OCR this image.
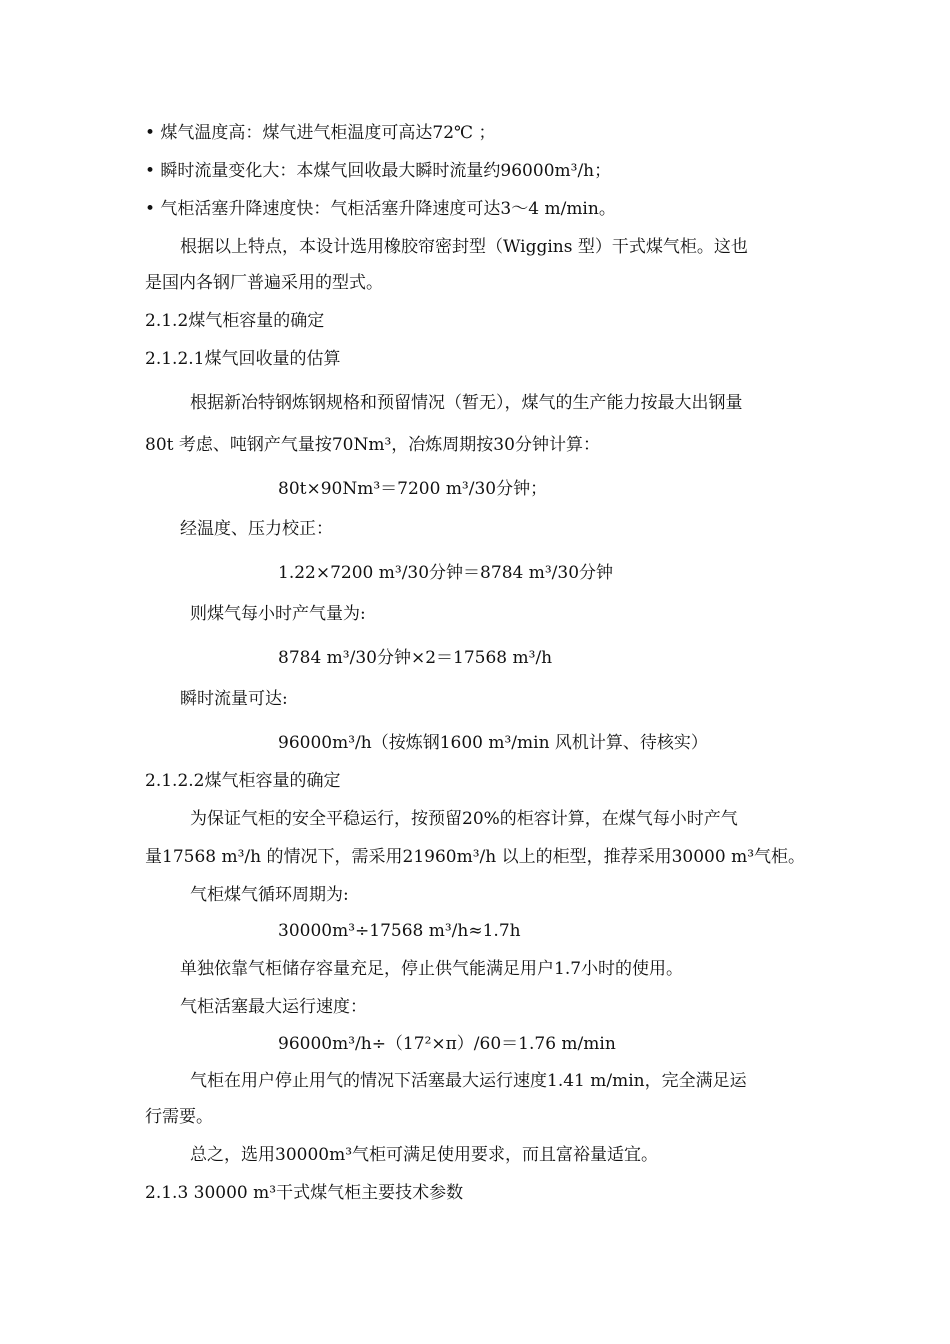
• 煤气温度高：煤气进气柜温度可高达72℃ ；
• 瞬时流量变化大：本煤气回收最大瞬时流量约96000m³/h；
• 气柜活塞升降速度快：气柜活塞升降速度可达3～4 m/min。
根据以上特点，本设计选用橡胶帘密封型（Wiggins 型）干式煤气柜。这也
是国内各钢厂普遍采用的型式。
2.1.2煤气柜容量的确定
2.1.2.1煤气回收量的估算
根据新冶特钢炼钢规格和预留情况（暂无），煤气的生产能力按最大出钢量
80t 考虑、吨钢产气量按70Nm³，冶炼周期按30分钟计算：
80t×90Nm³＝7200 m³/30分钟；
经温度、压力校正：
1.22×7200 m³/30分钟＝8784 m³/30分钟
则煤气每小时产气量为:
8784 m³/30分钟×2＝17568 m³/h
瞬时流量可达:
96000m³/h（按炼钢1600 m³/min 风机计算、待核实）
2.1.2.2煤气柜容量的确定
为保证气柜的安全平稳运行，按预留20%的柜容计算，在煤气每小时产气
量17568 m³/h 的情况下，需采用21960m³/h 以上的柜型，推荐采用30000 m³气柜。
气柜煤气循环周期为:
30000m³÷17568 m³/h≈1.7h
单独依靠气柜储存容量充足，停止供气能满足用户1.7小时的使用。
气柜活塞最大运行速度：
96000m³/h÷（17²×π）/60＝1.76 m/min
气柜在用户停止用气的情况下活塞最大运行速度1.41 m/min，完全满足运
行需要。
总之，选用30000m³气柜可满足使用要求，而且富裕量适宜。
2.1.3 30000 m³干式煤气柜主要技术参数
